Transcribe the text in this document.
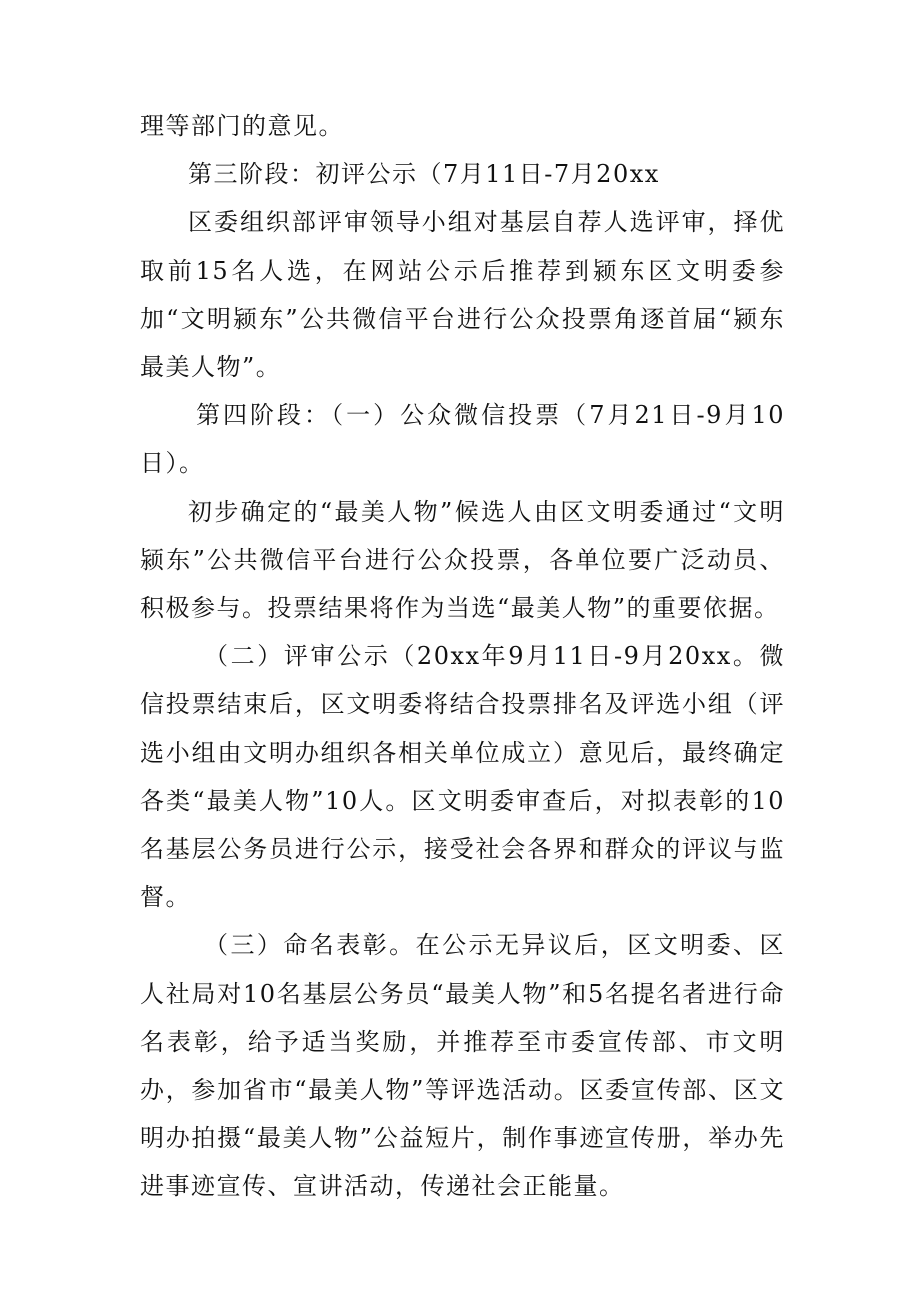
理等部门的意见。

第三阶段：初评公示（7月11日-7月20xx

区委组织部评审领导小组对基层自荐人选评审，择优取前15名人选，在网站公示后推荐到颍东区文明委参加“文明颍东”公共微信平台进行公众投票角逐首届“颍东最美人物”。

第四阶段：（一）公众微信投票（7月21日-9月10日）。

初步确定的“最美人物”候选人由区文明委通过“文明颍东”公共微信平台进行公众投票，各单位要广泛动员、积极参与。投票结果将作为当选“最美人物”的重要依据。

（二）评审公示（20xx年9月11日-9月20xx。微信投票结束后，区文明委将结合投票排名及评选小组（评选小组由文明办组织各相关单位成立）意见后，最终确定各类“最美人物”10人。区文明委审查后，对拟表彰的10名基层公务员进行公示，接受社会各界和群众的评议与监督。

（三）命名表彰。在公示无异议后，区文明委、区人社局对10名基层公务员“最美人物”和5名提名者进行命名表彰，给予适当奖励，并推荐至市委宣传部、市文明办，参加省市“最美人物”等评选活动。区委宣传部、区文明办拍摄“最美人物”公益短片，制作事迹宣传册，举办先进事迹宣传、宣讲活动，传递社会正能量。
